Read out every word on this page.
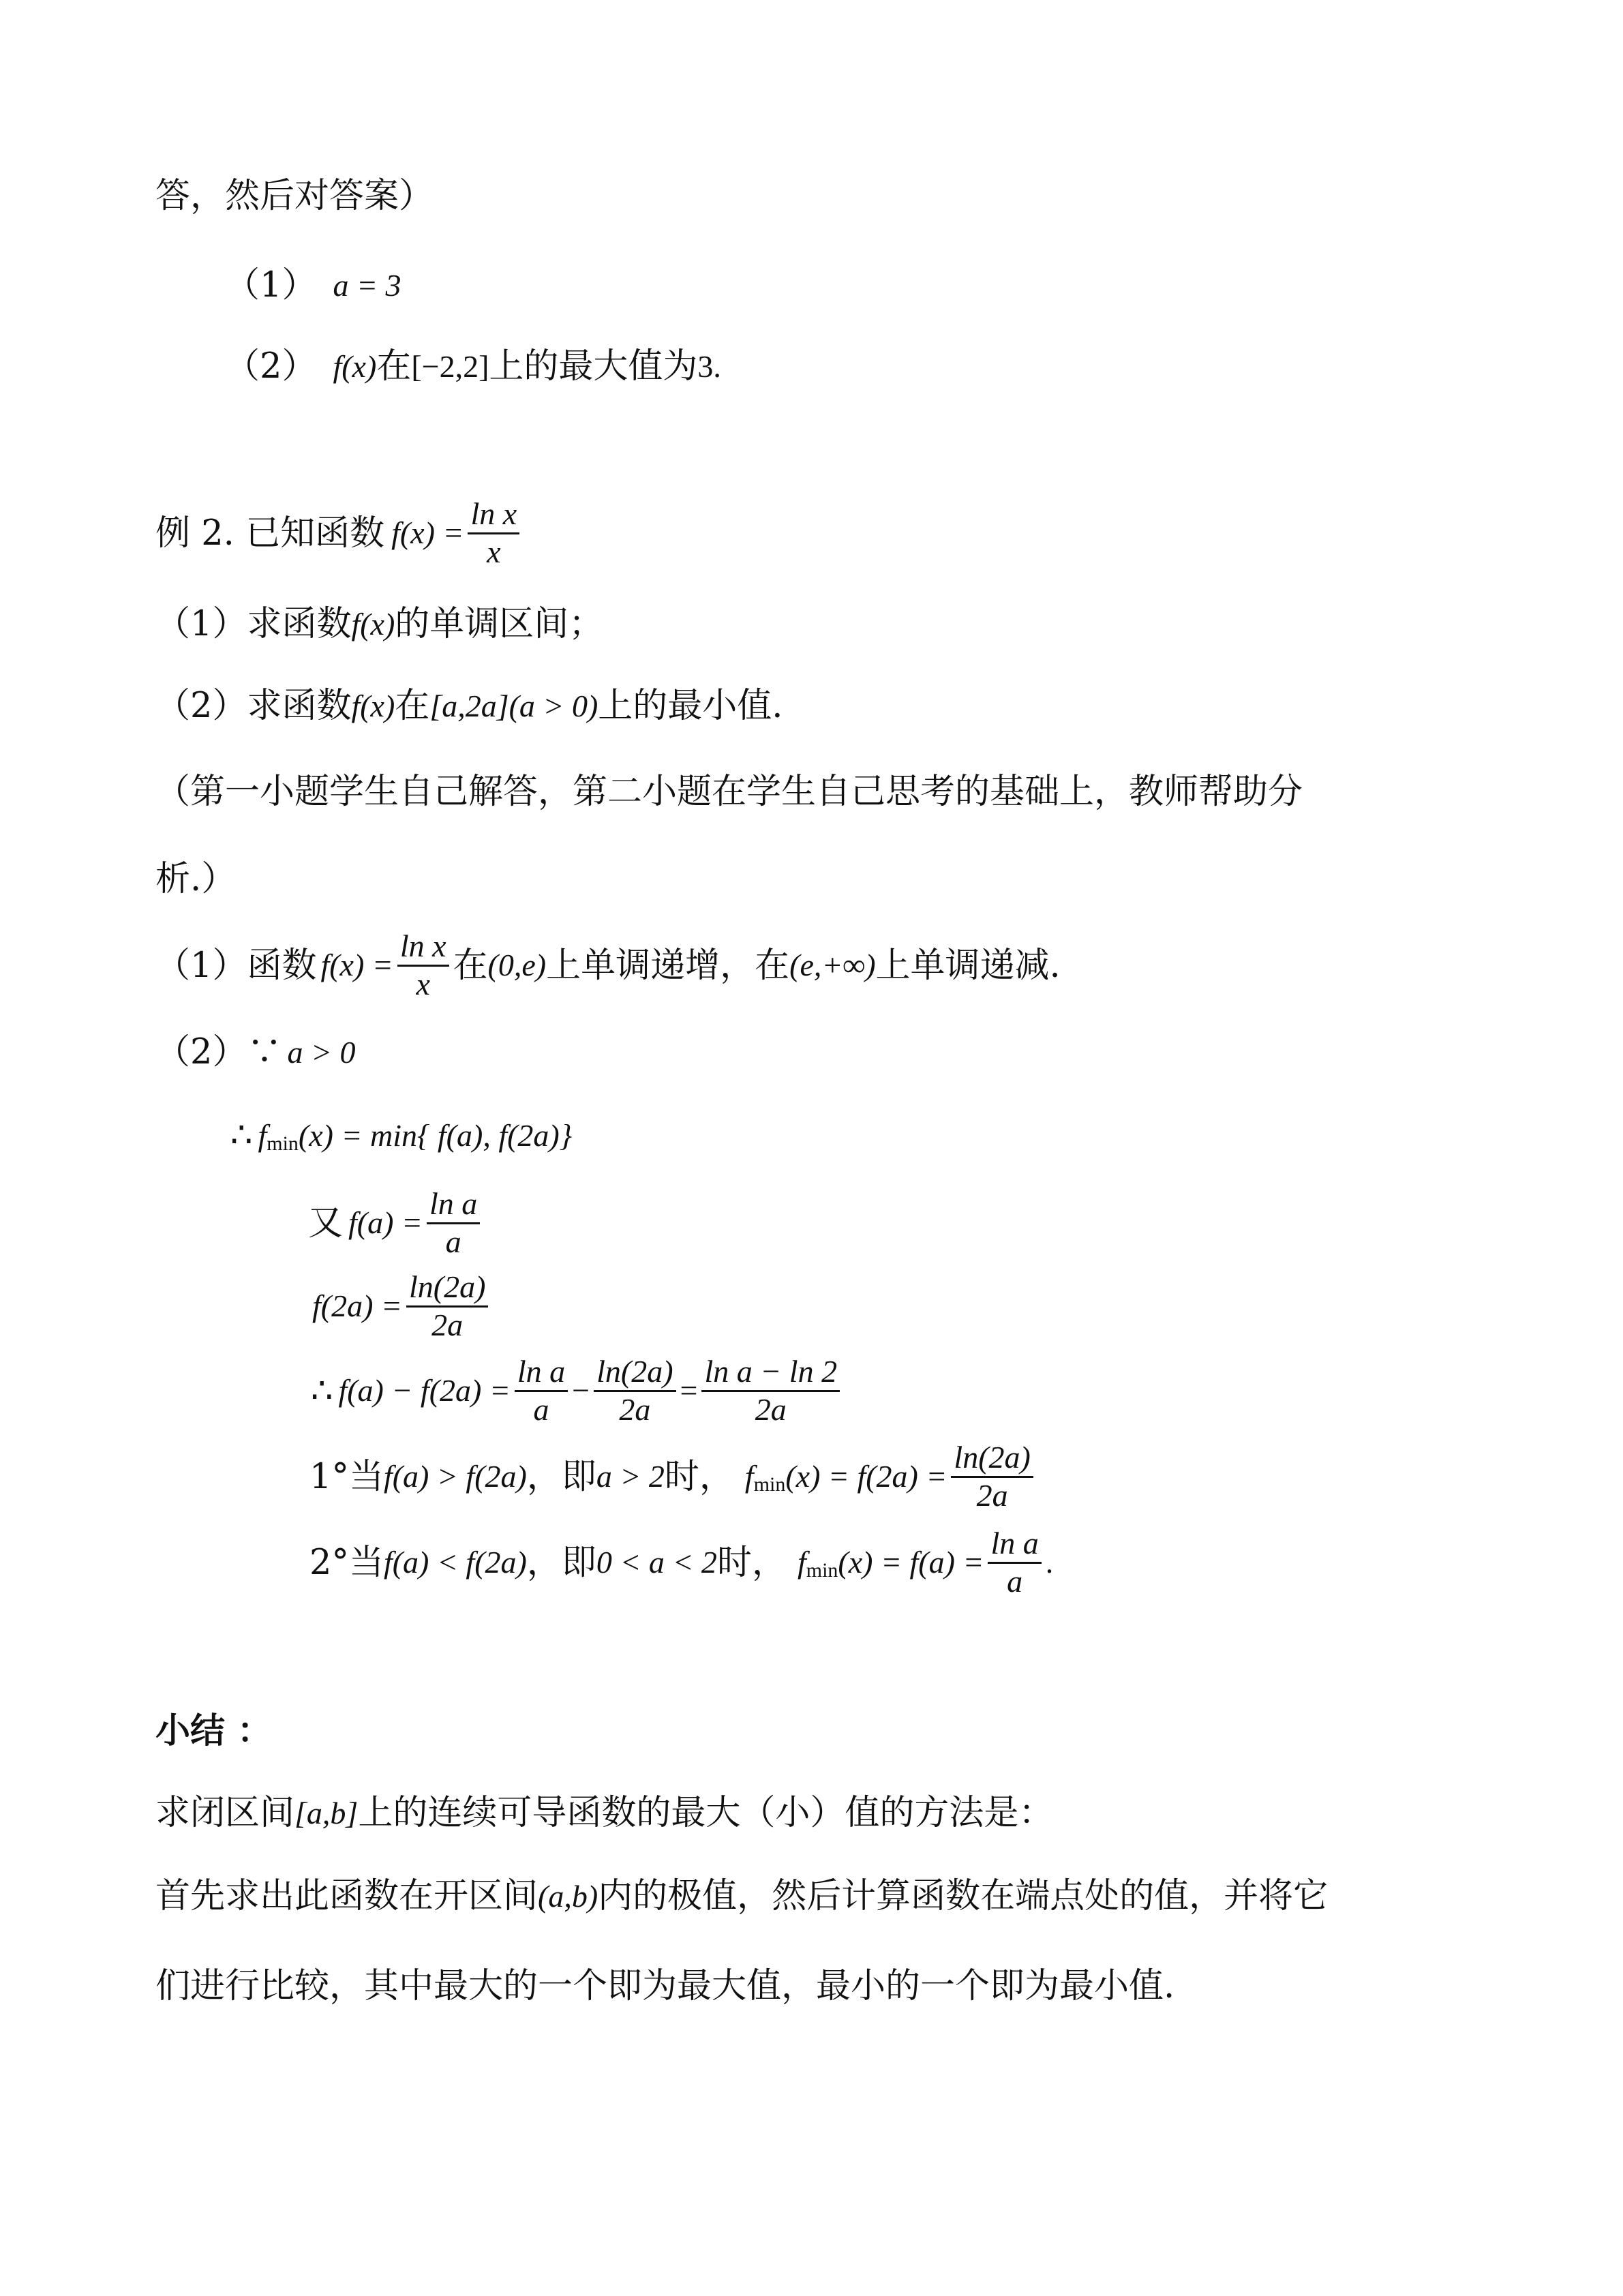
答，然后对答案）
（1） a = 3
（2） f(x) 在 [−2,2] 上的最大值为 3 .
例 2. 已知函数 $f(x) = \frac{\text{ln x}}{x}$
（1）求函数 f(x) 的单调区间；
（2）求函数 f(x) 在 [a,2a](a > 0) 上的最小值.
（第一小题学生自己解答，第二小题在学生自己思考的基础上，教师帮助分
析.）
（1）函数 $f(x) = \frac{\text{ln x}}{x}$ 在 (0,e) 上单调递增，在 (e,+∞) 上单调递减.
（2）∵ a > 0
∴ f min (x) = min{ f(a), f(2a)}
又 $f(a) = \frac{\text{ln a}}{a}$
$f(2a) = \frac{\ln(2a)}{2a}$
∴ $f(a) - f(2a) = \frac{\text{ln a}}{a} - \frac{\ln(2a)}{2a} = \frac{\text{ln a − ln 2}}{2a}$
1°当 f(a) > f(2a) ，即 a > 2 时， f $\min (x) = f(2a) = \frac{\ln(2a)}{2a}$
2°当 f(a) < f(2a) ，即 0 < a < 2 时， f $\min (x) = f(a) = \frac{\text{ln a}}{a}$ .
小结 ：
求闭区间 [a,b] 上的连续可导函数的最大（小）值的方法是：
首先求出此函数在开区间 (a,b) 内的极值，然后计算函数在端点处的值，并将它
们进行比较，其中最大的一个即为最大值，最小的一个即为最小值.
